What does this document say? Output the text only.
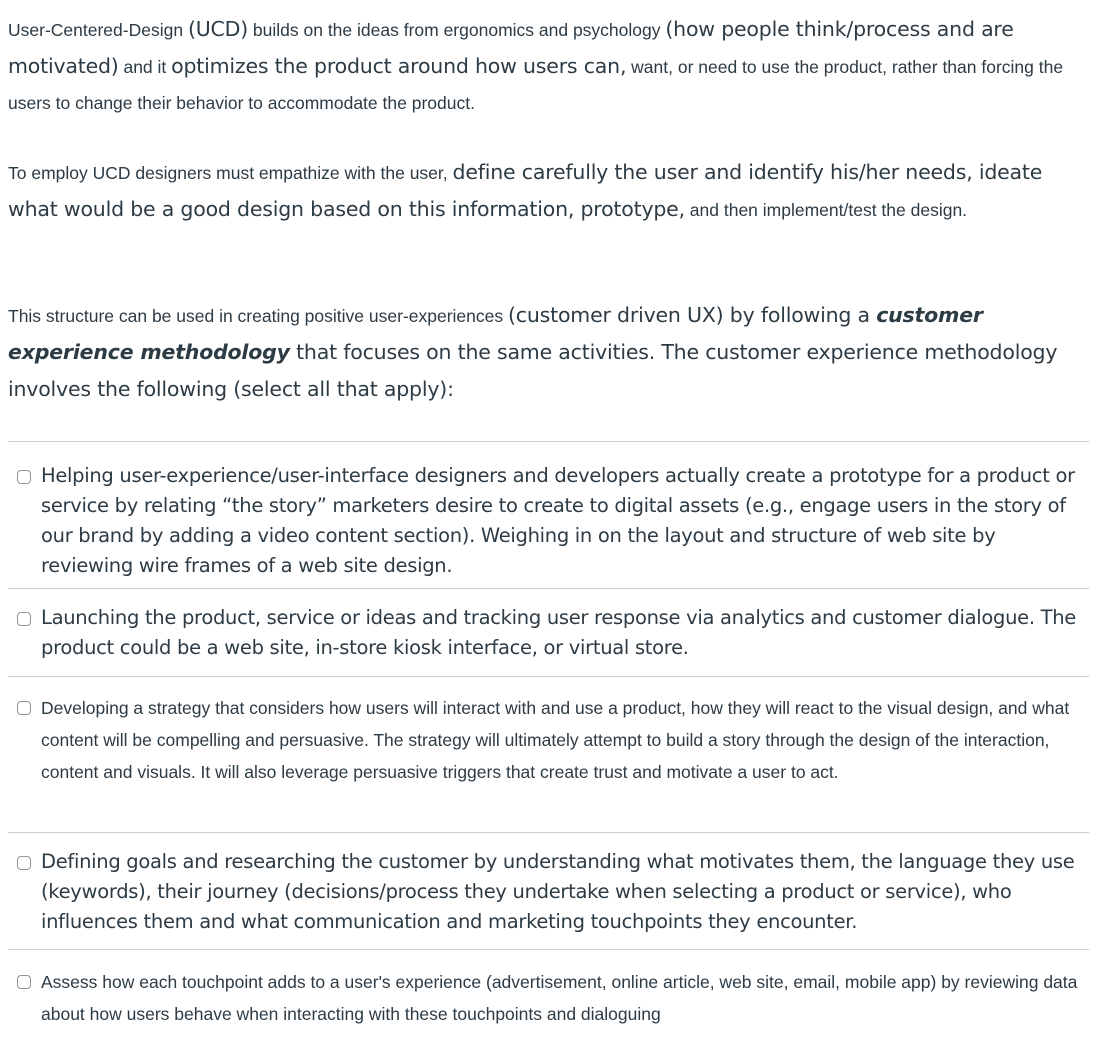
User-Centered-Design (UCD) builds on the ideas from ergonomics and psychology (how people think/process and are motivated) and it optimizes the product around how users can, want, or need to use the product, rather than forcing the users to change their behavior to accommodate the product.

To employ UCD designers must empathize with the user, define carefully the user and identify his/her needs, ideate what would be a good design based on this information, prototype, and then implement/test the design.

This structure can be used in creating positive user-experiences (customer driven UX) by following a customer experience methodology that focuses on the same activities. The customer experience methodology involves the following (select all that apply):

Helping user-experience/user-interface designers and developers actually create a prototype for a product or service by relating “the story” marketers desire to create to digital assets (e.g., engage users in the story of our brand by adding a video content section). Weighing in on the layout and structure of web site by reviewing wire frames of a web site design.
Launching the product, service or ideas and tracking user response via analytics and customer dialogue. The product could be a web site, in-store kiosk interface, or virtual store.
Developing a strategy that considers how users will interact with and use a product, how they will react to the visual design, and what content will be compelling and persuasive. The strategy will ultimately attempt to build a story through the design of the interaction, content and visuals. It will also leverage persuasive triggers that create trust and motivate a user to act.
Defining goals and researching the customer by understanding what motivates them, the language they use (keywords), their journey (decisions/process they undertake when selecting a product or service), who influences them and what communication and marketing touchpoints they encounter.
Assess how each touchpoint adds to a user's experience (advertisement, online article, web site, email, mobile app) by reviewing data about how users behave when interacting with these touchpoints and dialoguing
